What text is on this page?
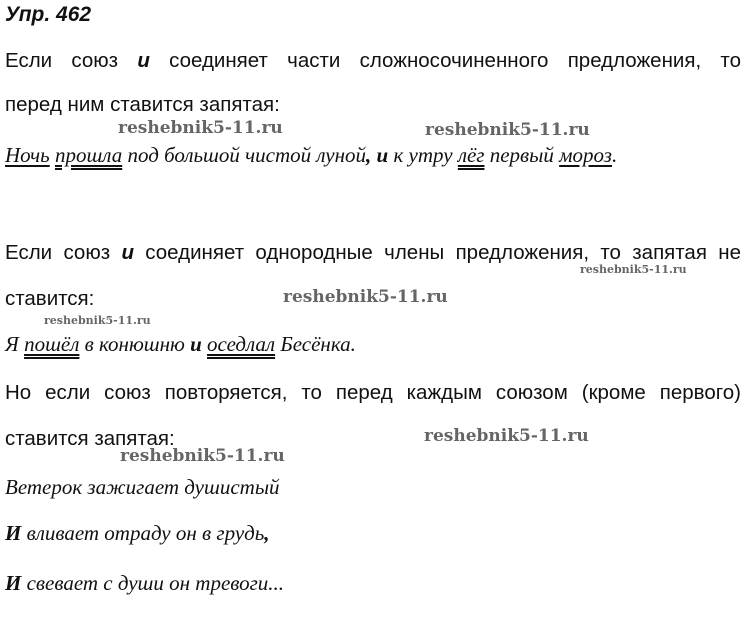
Упр. 462
Если союз и соединяет части сложносочиненного предложения, то
перед ним ставится запятая:
Ночь прошла под большой чистой луной, и к утру лёг первый мороз.
Если союз и соединяет однородные члены предложения, то запятая не
ставится:
Я пошёл в конюшню и оседлал Бесёнка.
Но если союз повторяется, то перед каждым союзом (кроме первого)
ставится запятая:
Ветерок зажигает душистый
И вливает отраду он в грудь,
И свевает с души он тревоги...
reshebnik5-11.ru	reshebnik5-11.ru
reshebnik5-11.ru
reshebnik5-11.ru
reshebnik5-11.ru
reshebnik5-11.ru
reshebnik5-11.ru
